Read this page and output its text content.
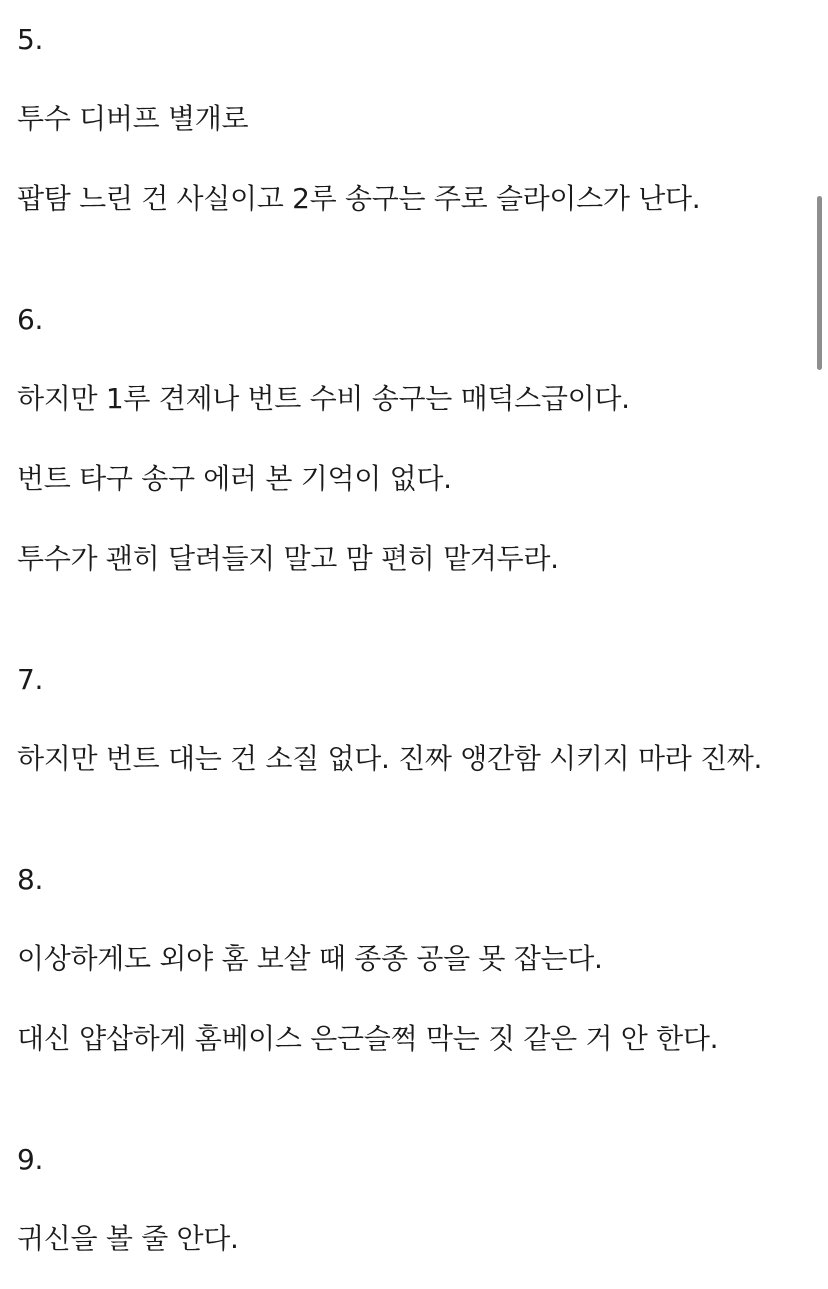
5.
투수 디버프 별개로
팝탐 느린 건 사실이고 2루 송구는 주로 슬라이스가 난다.
6.
하지만 1루 견제나 번트 수비 송구는 매덕스급이다.
번트 타구 송구 에러 본 기억이 없다.
투수가 괜히 달려들지 말고 맘 편히 맡겨두라.
7.
하지만 번트 대는 건 소질 없다. 진짜 앵간함 시키지 마라 진짜.
8.
이상하게도 외야 홈 보살 때 종종 공을 못 잡는다.
대신 얍삽하게 홈베이스 은근슬쩍 막는 짓 같은 거 안 한다.
9.
귀신을 볼 줄 안다.
